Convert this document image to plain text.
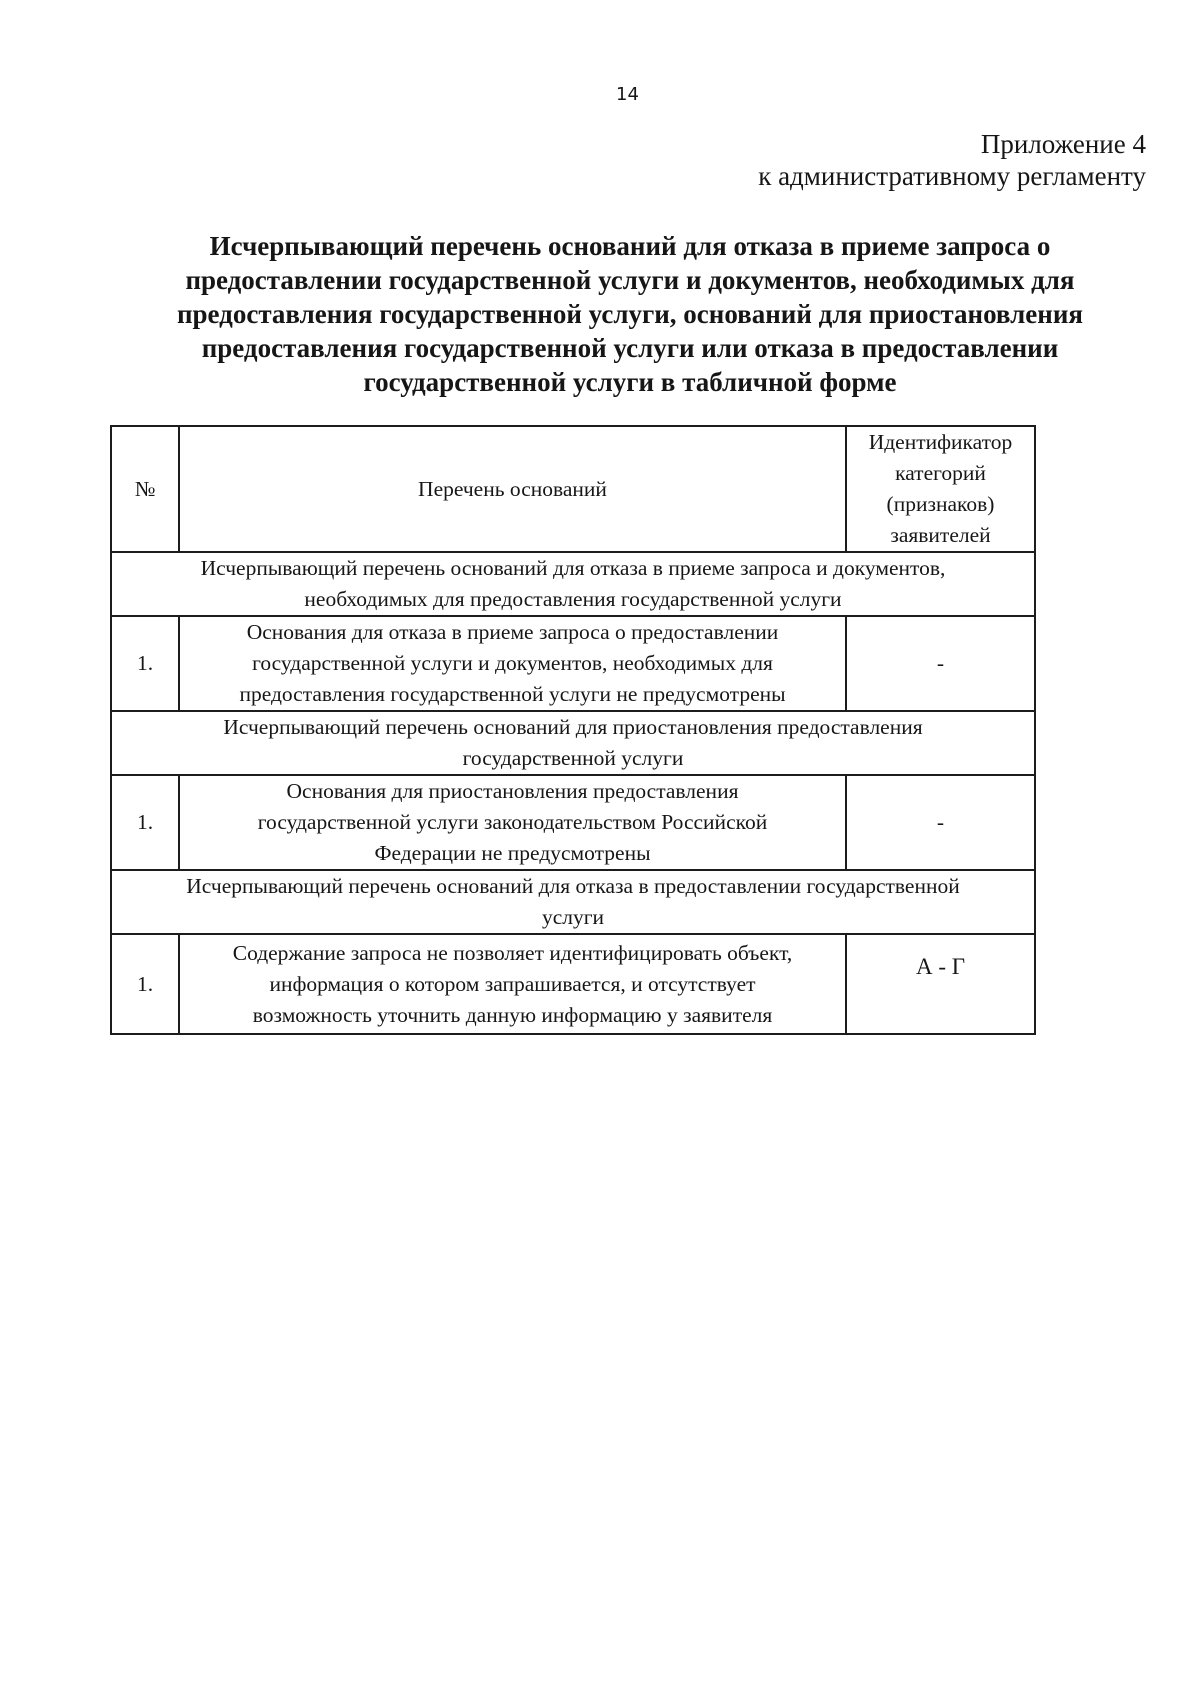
14
Приложение 4
к административному регламенту
Исчерпывающий перечень оснований для отказа в приеме запроса о
предоставлении государственной услуги и документов, необходимых для
предоставления государственной услуги, оснований для приостановления
предоставления государственной услуги или отказа в предоставлении
государственной услуги в табличной форме
№	Перечень оснований	Идентификатор
категорий
(признаков)
заявителей
Исчерпывающий перечень оснований для отказа в приеме запроса и документов,
необходимых для предоставления государственной услуги		
1.	Основания для отказа в приеме запроса о предоставлении
государственной услуги и документов, необходимых для
предоставления государственной услуги не предусмотрены	-
Исчерпывающий перечень оснований для приостановления предоставления
государственной услуги		
1.	Основания для приостановления предоставления
государственной услуги законодательством Российской
Федерации не предусмотрены	-
Исчерпывающий перечень оснований для отказа в предоставлении государственной
услуги		
1.	Содержание запроса не позволяет идентифицировать объект,
информация о котором запрашивается, и отсутствует
возможность уточнить данную информацию у заявителя	А - Г
